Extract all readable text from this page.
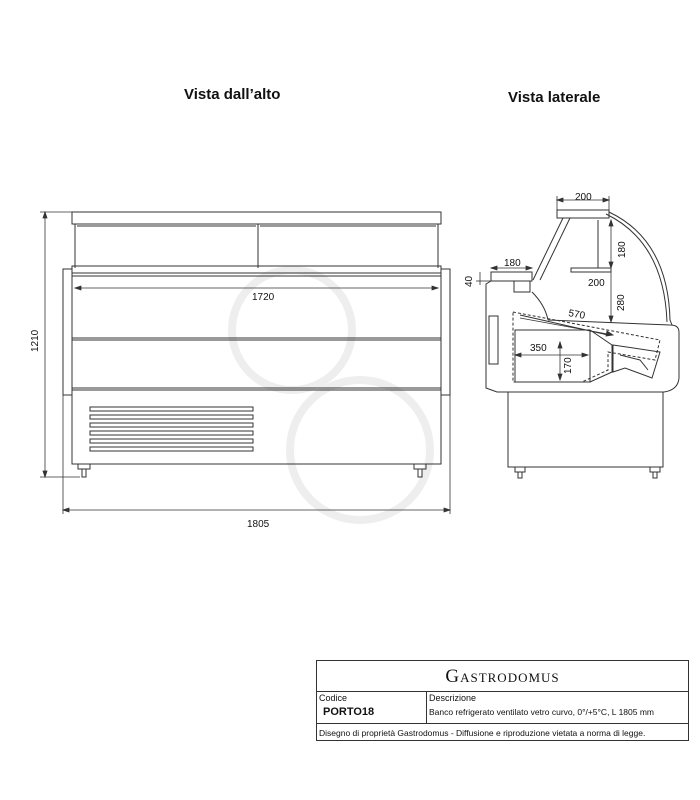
Vista dall’alto	Vista laterale
1720
1210
1805
200
180
200
180
40
280
570
350
170
GASTRODOMUS
Codice
PORTO18
Descrizione
Banco refrigerato ventilato vetro curvo, 0°/+5°C, L 1805 mm
Disegno di proprietà Gastrodomus - Diffusione e riproduzione vietata a norma di legge.
